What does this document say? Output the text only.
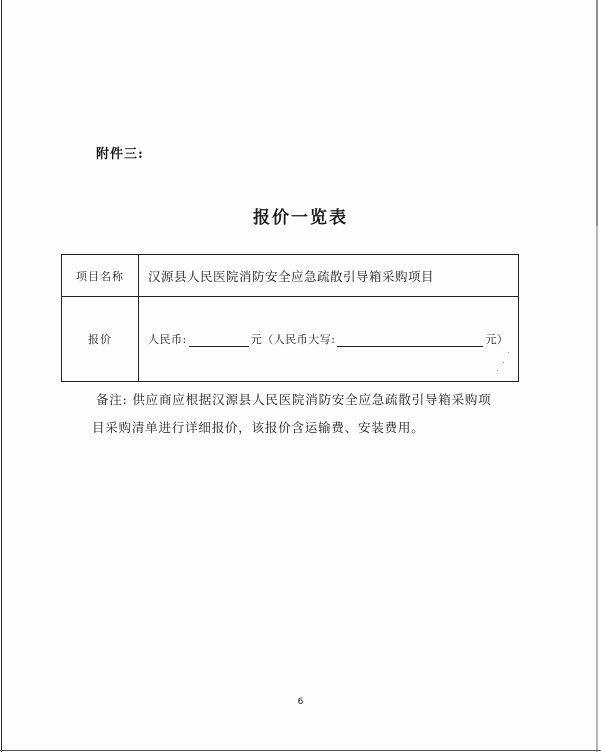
附件三:
报价一览表
项目名称	汉源县人民医院消防安全应急疏散引导箱采购项目
报价	人民币:	元（人民币大写:	元）
备注: 供应商应根据汉源县人民医院消防安全应急疏散引导箱采购项
目采购清单进行详细报价，该报价含运输费、安装费用。
6
